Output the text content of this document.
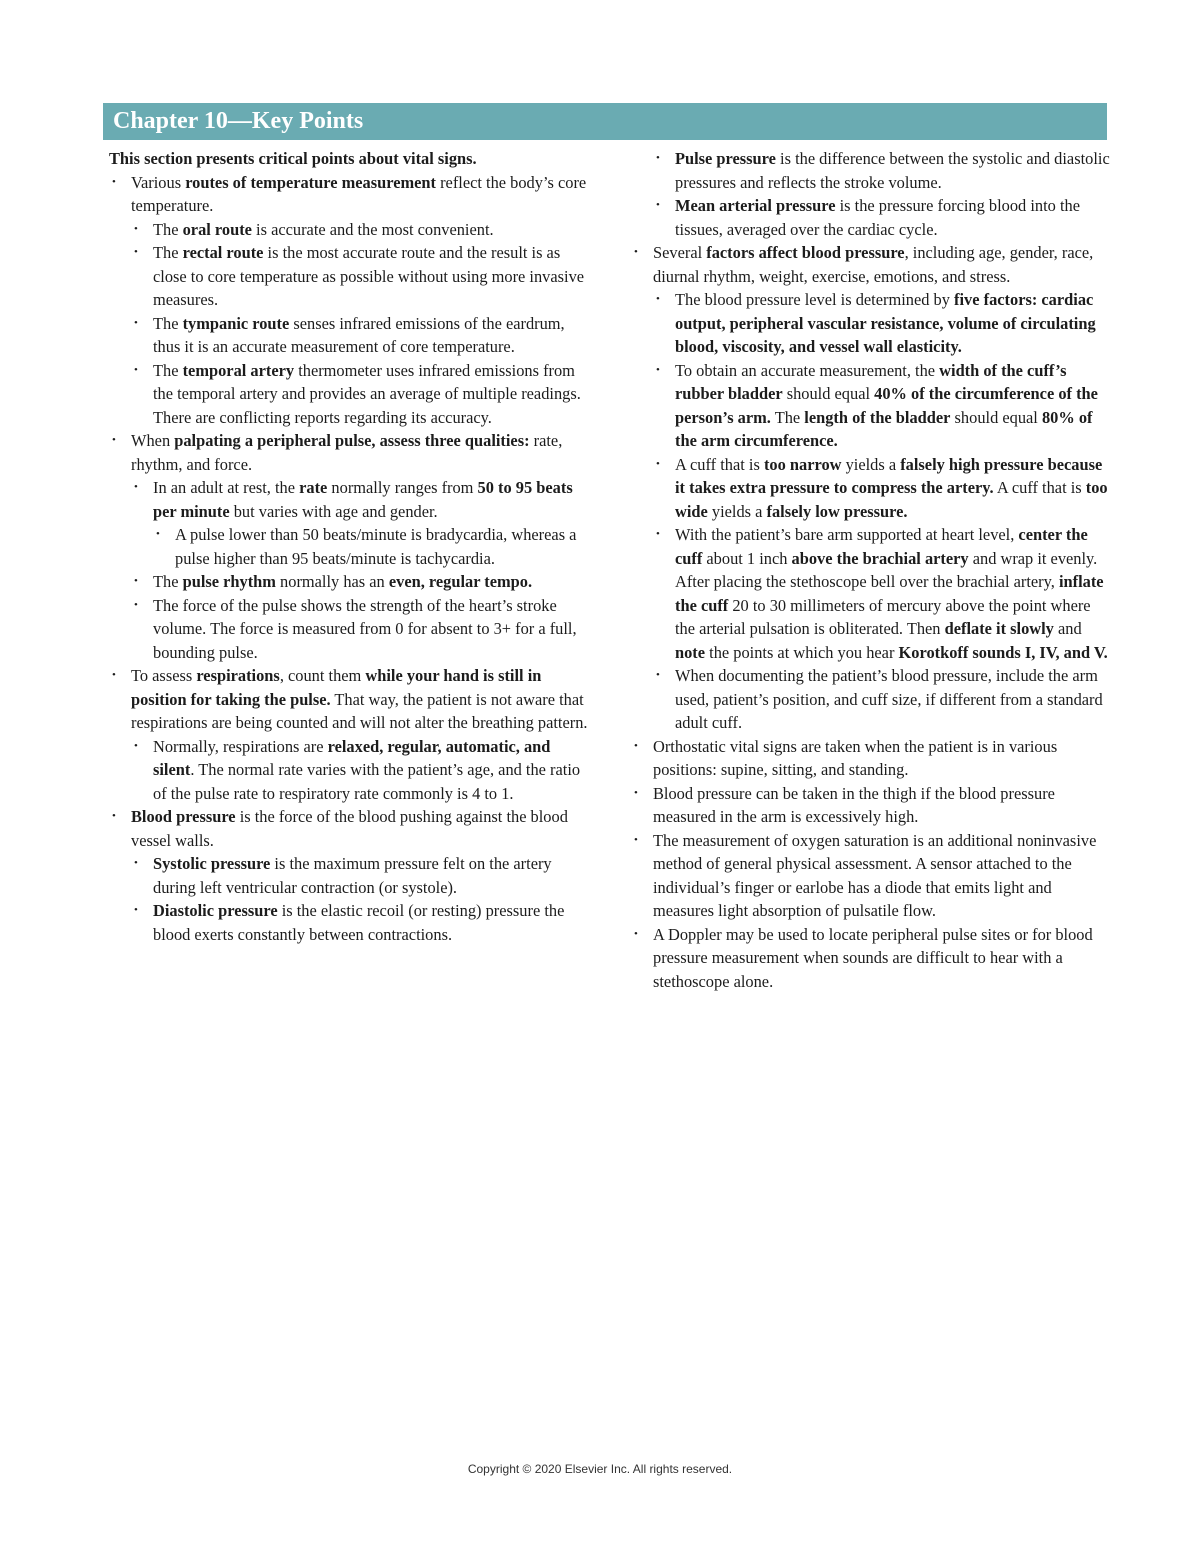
Chapter 10—Key Points

This section presents critical points about vital signs.

• Various routes of temperature measurement reflect the body’s core temperature.
• The oral route is accurate and the most convenient.
• The rectal route is the most accurate route and the result is as close to core temperature as possible without using more invasive measures.
• The tympanic route senses infrared emissions of the eardrum, thus it is an accurate measurement of core temperature.
• The temporal artery thermometer uses infrared emissions from the temporal artery and provides an average of multiple readings. There are conflicting reports regarding its accuracy.
• When palpating a peripheral pulse, assess three qualities: rate, rhythm, and force.
• In an adult at rest, the rate normally ranges from 50 to 95 beats per minute but varies with age and gender.
• A pulse lower than 50 beats/minute is bradycardia, whereas a pulse higher than 95 beats/minute is tachycardia.
• The pulse rhythm normally has an even, regular tempo.
• The force of the pulse shows the strength of the heart’s stroke volume. The force is measured from 0 for absent to 3+ for a full, bounding pulse.
• To assess respirations, count them while your hand is still in position for taking the pulse. That way, the patient is not aware that respirations are being counted and will not alter the breathing pattern.
• Normally, respirations are relaxed, regular, automatic, and silent. The normal rate varies with the patient’s age, and the ratio of the pulse rate to respiratory rate commonly is 4 to 1.
• Blood pressure is the force of the blood pushing against the blood vessel walls.
• Systolic pressure is the maximum pressure felt on the artery during left ventricular contraction (or systole).
• Diastolic pressure is the elastic recoil (or resting) pressure the blood exerts constantly between contractions.
• Pulse pressure is the difference between the systolic and diastolic pressures and reflects the stroke volume.
• Mean arterial pressure is the pressure forcing blood into the tissues, averaged over the cardiac cycle.
• Several factors affect blood pressure, including age, gender, race, diurnal rhythm, weight, exercise, emotions, and stress.
• The blood pressure level is determined by five factors: cardiac output, peripheral vascular resistance, volume of circulating blood, viscosity, and vessel wall elasticity.
• To obtain an accurate measurement, the width of the cuff’s rubber bladder should equal 40% of the circumference of the person’s arm. The length of the bladder should equal 80% of the arm circumference.
• A cuff that is too narrow yields a falsely high pressure because it takes extra pressure to compress the artery. A cuff that is too wide yields a falsely low pressure.
• With the patient’s bare arm supported at heart level, center the cuff about 1 inch above the brachial artery and wrap it evenly. After placing the stethoscope bell over the brachial artery, inflate the cuff 20 to 30 millimeters of mercury above the point where the arterial pulsation is obliterated. Then deflate it slowly and note the points at which you hear Korotkoff sounds I, IV, and V.
• When documenting the patient’s blood pressure, include the arm used, patient’s position, and cuff size, if different from a standard adult cuff.
• Orthostatic vital signs are taken when the patient is in various positions: supine, sitting, and standing.
• Blood pressure can be taken in the thigh if the blood pressure measured in the arm is excessively high.
• The measurement of oxygen saturation is an additional noninvasive method of general physical assessment. A sensor attached to the individual’s finger or earlobe has a diode that emits light and measures light absorption of pulsatile flow.
• A Doppler may be used to locate peripheral pulse sites or for blood pressure measurement when sounds are difficult to hear with a stethoscope alone.
Copyright © 2020 Elsevier Inc. All rights reserved.
